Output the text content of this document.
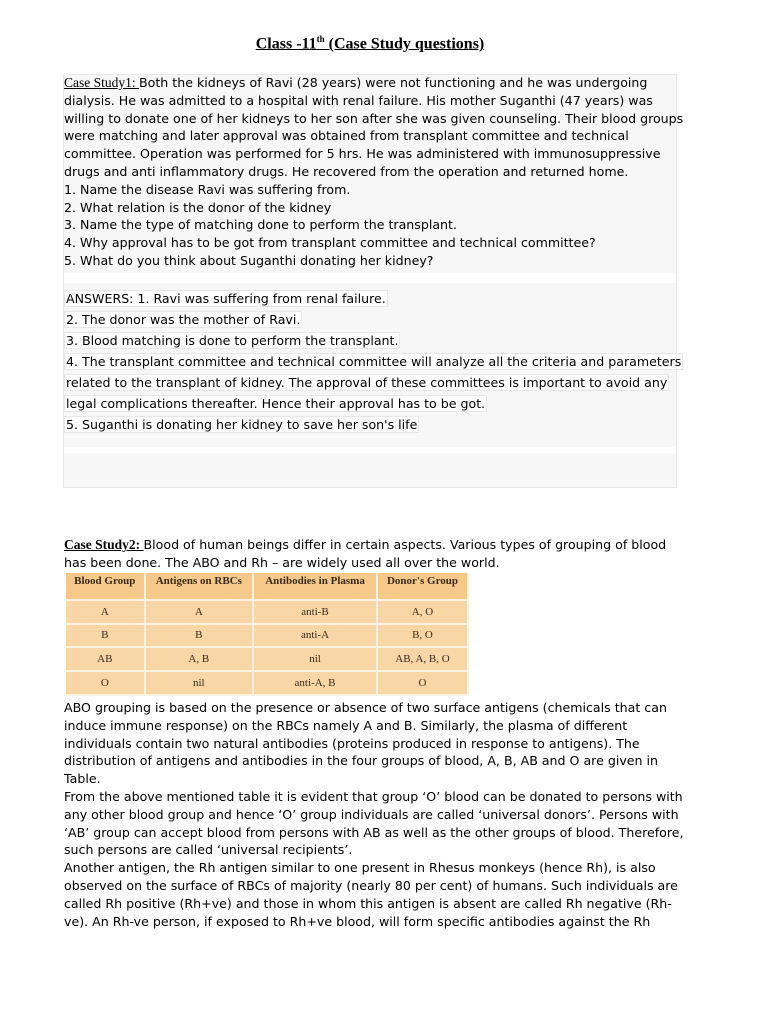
Class -11th (Case Study questions)

Case Study1: Both the kidneys of Ravi (28 years) were not functioning and he was undergoing dialysis. He was admitted to a hospital with renal failure. His mother Suganthi (47 years) was willing to donate one of her kidneys to her son after she was given counseling. Their blood groups were matching and later approval was obtained from transplant committee and technical committee. Operation was performed for 5 hrs. He was administered with immunosuppressive drugs and anti inflammatory drugs. He recovered from the operation and returned home.

1. Name the disease Ravi was suffering from.

2. What relation is the donor of the kidney

3. Name the type of matching done to perform the transplant.

4. Why approval has to be got from transplant committee and technical committee?

5. What do you think about Suganthi donating her kidney?

ANSWERS: 1. Ravi was suffering from renal failure.

2. The donor was the mother of Ravi.

3. Blood matching is done to perform the transplant.

4. The transplant committee and technical committee will analyze all the criteria and parameters

related to the transplant of kidney. The approval of these committees is important to avoid any

legal complications thereafter. Hence their approval has to be got.

5. Suganthi is donating her kidney to save her son's life

Case Study2: Blood of human beings differ in certain aspects. Various types of grouping of blood has been done. The ABO and Rh – are widely used all over the world.

Blood Group	Antigens on RBCs	Antibodies in Plasma	Donor's Group
A	A	anti-B	A, O
B	B	anti-A	B, O
AB	A, B	nil	AB, A, B, O
O	nil	anti-A, B	O

ABO grouping is based on the presence or absence of two surface antigens (chemicals that can induce immune response) on the RBCs namely A and B. Similarly, the plasma of different individuals contain two natural antibodies (proteins produced in response to antigens). The distribution of antigens and antibodies in the four groups of blood, A, B, AB and O are given in Table.

From the above mentioned table it is evident that group ‘O’ blood can be donated to persons with any other blood group and hence ‘O’ group individuals are called ‘universal donors’. Persons with ‘AB’ group can accept blood from persons with AB as well as the other groups of blood. Therefore, such persons are called ‘universal recipients’.

Another antigen, the Rh antigen similar to one present in Rhesus monkeys (hence Rh), is also observed on the surface of RBCs of majority (nearly 80 per cent) of humans. Such individuals are called Rh positive (Rh+ve) and those in whom this antigen is absent are called Rh negative (Rh-ve). An Rh-ve person, if exposed to Rh+ve blood, will form specific antibodies against the Rh
